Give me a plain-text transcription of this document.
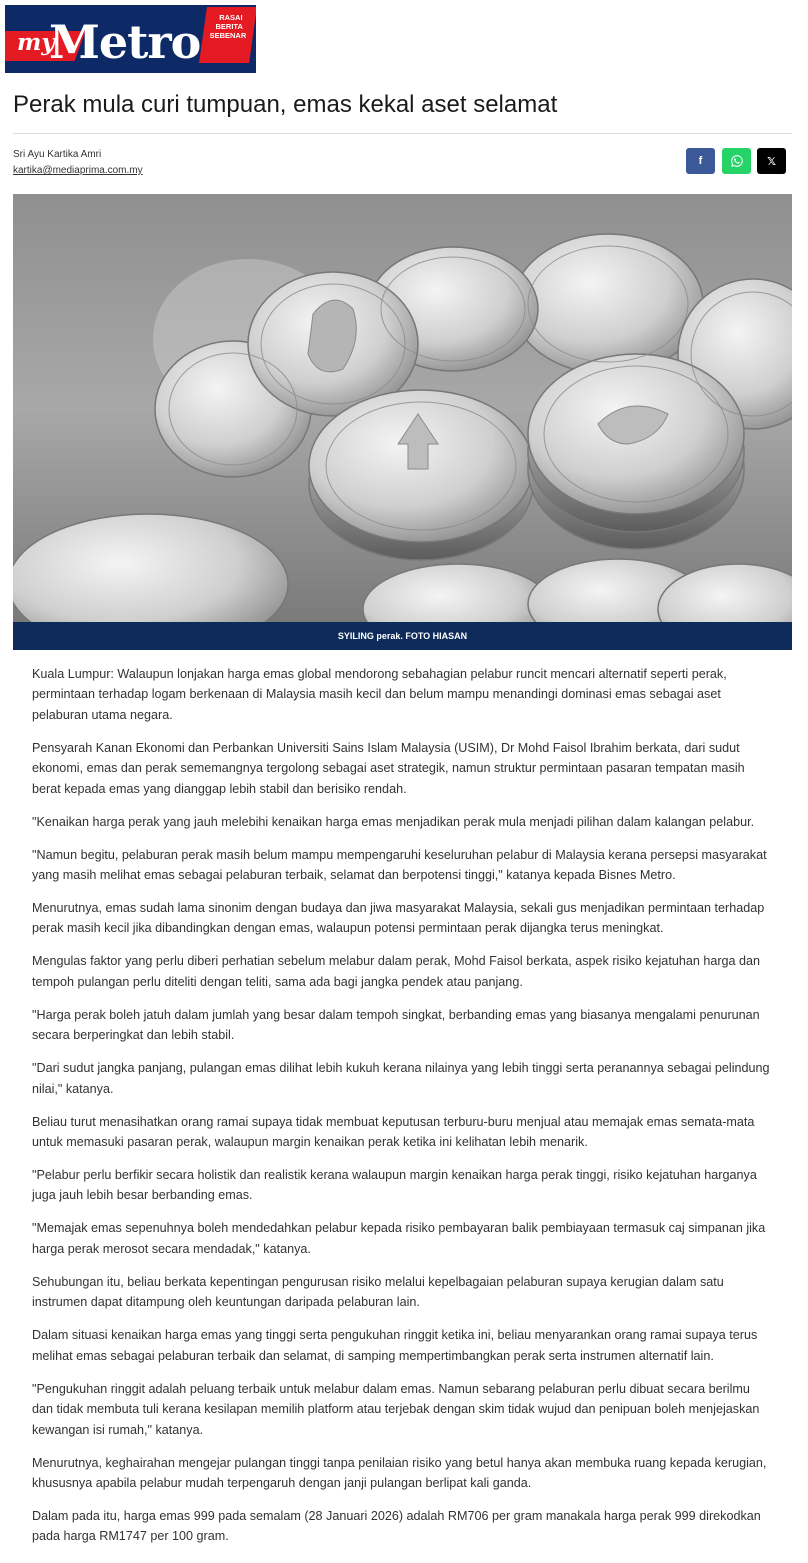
my
Metro	RASAI
BERITA
SEBENAR
Perak mula curi tumpuan, emas kekal aset selamat
Sri Ayu Kartika Amri
kartika@mediaprima.com.my
f	𝕏
SYILING perak. FOTO HIASAN

Kuala Lumpur: Walaupun lonjakan harga emas global mendorong sebahagian pelabur runcit mencari alternatif seperti perak, permintaan terhadap logam berkenaan di Malaysia masih kecil dan belum mampu menandingi dominasi emas sebagai aset pelaburan utama negara.

Pensyarah Kanan Ekonomi dan Perbankan Universiti Sains Islam Malaysia (USIM), Dr Mohd Faisol Ibrahim berkata, dari sudut ekonomi, emas dan perak sememangnya tergolong sebagai aset strategik, namun struktur permintaan pasaran tempatan masih berat kepada emas yang dianggap lebih stabil dan berisiko rendah.

"Kenaikan harga perak yang jauh melebihi kenaikan harga emas menjadikan perak mula menjadi pilihan dalam kalangan pelabur.

"Namun begitu, pelaburan perak masih belum mampu mempengaruhi keseluruhan pelabur di Malaysia kerana persepsi masyarakat yang masih melihat emas sebagai pelaburan terbaik, selamat dan berpotensi tinggi," katanya kepada Bisnes Metro.

Menurutnya, emas sudah lama sinonim dengan budaya dan jiwa masyarakat Malaysia, sekali gus menjadikan permintaan terhadap perak masih kecil jika dibandingkan dengan emas, walaupun potensi permintaan perak dijangka terus meningkat.

Mengulas faktor yang perlu diberi perhatian sebelum melabur dalam perak, Mohd Faisol berkata, aspek risiko kejatuhan harga dan tempoh pulangan perlu diteliti dengan teliti, sama ada bagi jangka pendek atau panjang.

"Harga perak boleh jatuh dalam jumlah yang besar dalam tempoh singkat, berbanding emas yang biasanya mengalami penurunan secara berperingkat dan lebih stabil.

"Dari sudut jangka panjang, pulangan emas dilihat lebih kukuh kerana nilainya yang lebih tinggi serta peranannya sebagai pelindung nilai," katanya.

Beliau turut menasihatkan orang ramai supaya tidak membuat keputusan terburu-buru menjual atau memajak emas semata-mata untuk memasuki pasaran perak, walaupun margin kenaikan perak ketika ini kelihatan lebih menarik.

"Pelabur perlu berfikir secara holistik dan realistik kerana walaupun margin kenaikan harga perak tinggi, risiko kejatuhan harganya juga jauh lebih besar berbanding emas.

"Memajak emas sepenuhnya boleh mendedahkan pelabur kepada risiko pembayaran balik pembiayaan termasuk caj simpanan jika harga perak merosot secara mendadak," katanya.

Sehubungan itu, beliau berkata kepentingan pengurusan risiko melalui kepelbagaian pelaburan supaya kerugian dalam satu instrumen dapat ditampung oleh keuntungan daripada pelaburan lain.

Dalam situasi kenaikan harga emas yang tinggi serta pengukuhan ringgit ketika ini, beliau menyarankan orang ramai supaya terus melihat emas sebagai pelaburan terbaik dan selamat, di samping mempertimbangkan perak serta instrumen alternatif lain.

"Pengukuhan ringgit adalah peluang terbaik untuk melabur dalam emas. Namun sebarang pelaburan perlu dibuat secara berilmu dan tidak membuta tuli kerana kesilapan memilih platform atau terjebak dengan skim tidak wujud dan penipuan boleh menjejaskan kewangan isi rumah," katanya.

Menurutnya, keghairahan mengejar pulangan tinggi tanpa penilaian risiko yang betul hanya akan membuka ruang kepada kerugian, khususnya apabila pelabur mudah terpengaruh dengan janji pulangan berlipat kali ganda.

Dalam pada itu, harga emas 999 pada semalam (28 Januari 2026) adalah RM706 per gram manakala harga perak 999 direkodkan pada harga RM1747 per 100 gram.
